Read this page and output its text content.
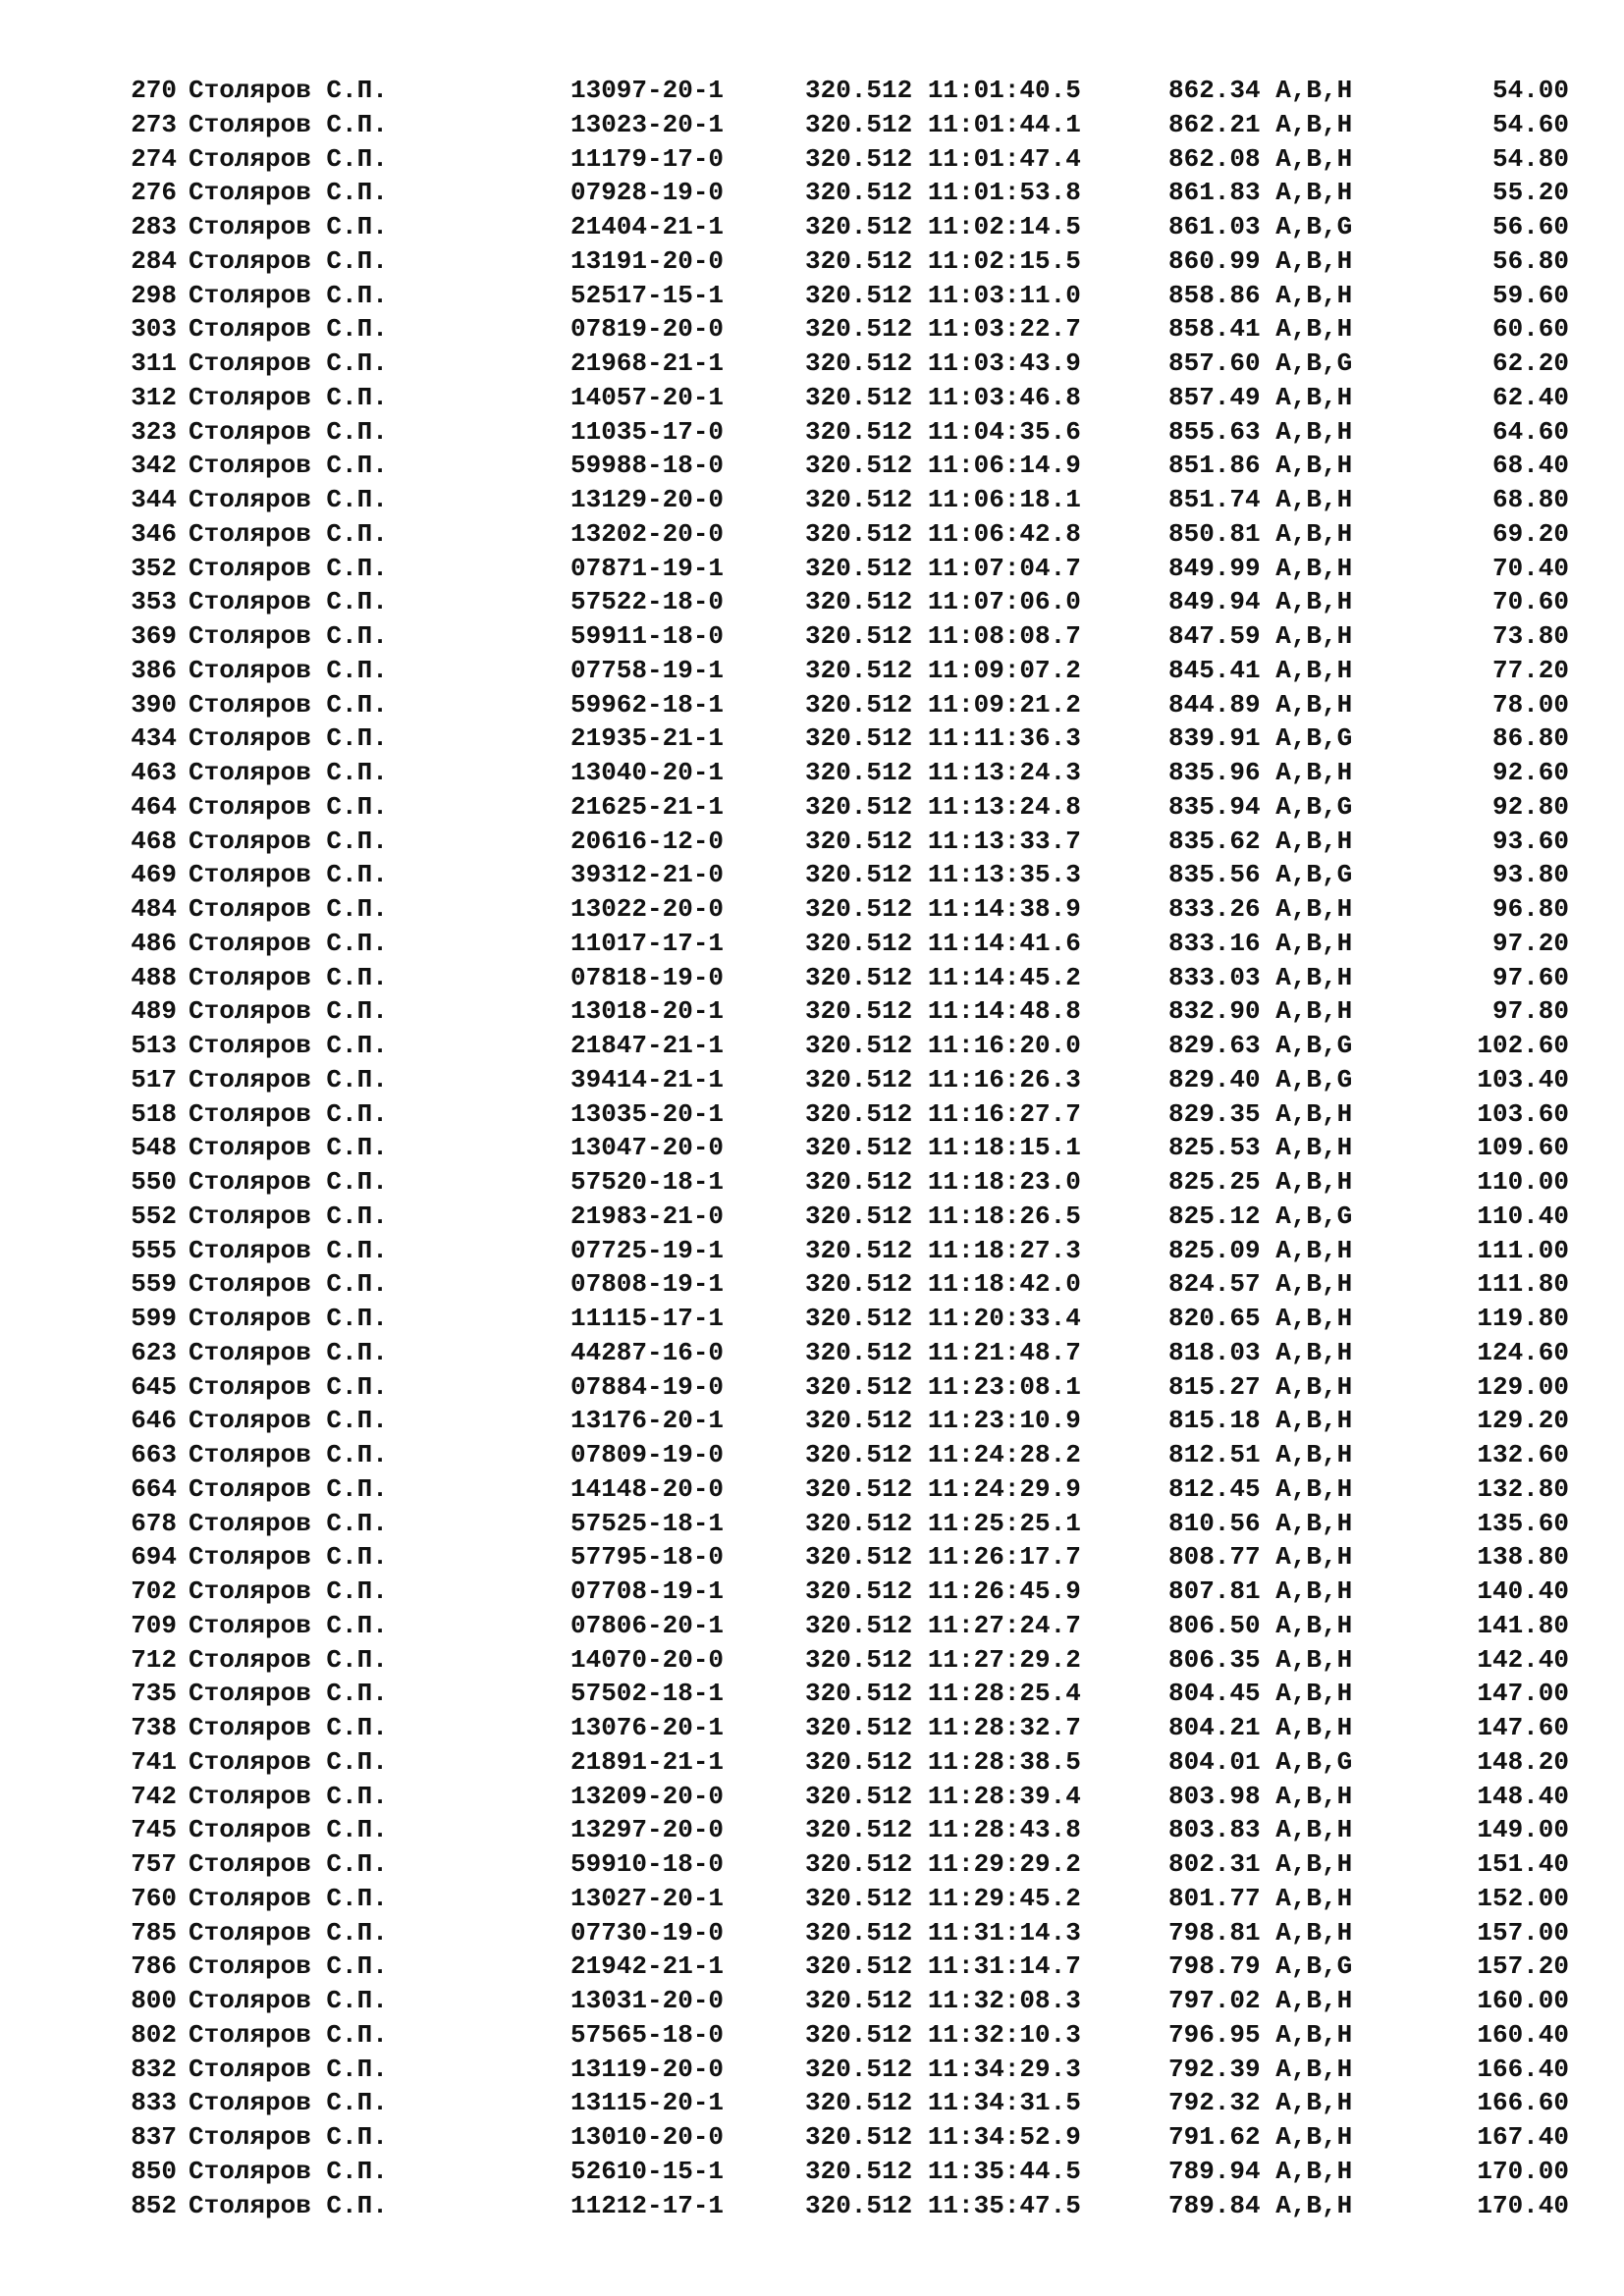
270 Столяров С.П.	13097-20-1	320.512 11:01:40.5	862.34 A,B,H	54.00
273 Столяров С.П.	13023-20-1	320.512 11:01:44.1	862.21 A,B,H	54.60
274 Столяров С.П.	11179-17-0	320.512 11:01:47.4	862.08 A,B,H	54.80
276 Столяров С.П.	07928-19-0	320.512 11:01:53.8	861.83 A,B,H	55.20
283 Столяров С.П.	21404-21-1	320.512 11:02:14.5	861.03 A,B,G	56.60
284 Столяров С.П.	13191-20-0	320.512 11:02:15.5	860.99 A,B,H	56.80
298 Столяров С.П.	52517-15-1	320.512 11:03:11.0	858.86 A,B,H	59.60
303 Столяров С.П.	07819-20-0	320.512 11:03:22.7	858.41 A,B,H	60.60
311 Столяров С.П.	21968-21-1	320.512 11:03:43.9	857.60 A,B,G	62.20
312 Столяров С.П.	14057-20-1	320.512 11:03:46.8	857.49 A,B,H	62.40
323 Столяров С.П.	11035-17-0	320.512 11:04:35.6	855.63 A,B,H	64.60
342 Столяров С.П.	59988-18-0	320.512 11:06:14.9	851.86 A,B,H	68.40
344 Столяров С.П.	13129-20-0	320.512 11:06:18.1	851.74 A,B,H	68.80
346 Столяров С.П.	13202-20-0	320.512 11:06:42.8	850.81 A,B,H	69.20
352 Столяров С.П.	07871-19-1	320.512 11:07:04.7	849.99 A,B,H	70.40
353 Столяров С.П.	57522-18-0	320.512 11:07:06.0	849.94 A,B,H	70.60
369 Столяров С.П.	59911-18-0	320.512 11:08:08.7	847.59 A,B,H	73.80
386 Столяров С.П.	07758-19-1	320.512 11:09:07.2	845.41 A,B,H	77.20
390 Столяров С.П.	59962-18-1	320.512 11:09:21.2	844.89 A,B,H	78.00
434 Столяров С.П.	21935-21-1	320.512 11:11:36.3	839.91 A,B,G	86.80
463 Столяров С.П.	13040-20-1	320.512 11:13:24.3	835.96 A,B,H	92.60
464 Столяров С.П.	21625-21-1	320.512 11:13:24.8	835.94 A,B,G	92.80
468 Столяров С.П.	20616-12-0	320.512 11:13:33.7	835.62 A,B,H	93.60
469 Столяров С.П.	39312-21-0	320.512 11:13:35.3	835.56 A,B,G	93.80
484 Столяров С.П.	13022-20-0	320.512 11:14:38.9	833.26 A,B,H	96.80
486 Столяров С.П.	11017-17-1	320.512 11:14:41.6	833.16 A,B,H	97.20
488 Столяров С.П.	07818-19-0	320.512 11:14:45.2	833.03 A,B,H	97.60
489 Столяров С.П.	13018-20-1	320.512 11:14:48.8	832.90 A,B,H	97.80
513 Столяров С.П.	21847-21-1	320.512 11:16:20.0	829.63 A,B,G	102.60
517 Столяров С.П.	39414-21-1	320.512 11:16:26.3	829.40 A,B,G	103.40
518 Столяров С.П.	13035-20-1	320.512 11:16:27.7	829.35 A,B,H	103.60
548 Столяров С.П.	13047-20-0	320.512 11:18:15.1	825.53 A,B,H	109.60
550 Столяров С.П.	57520-18-1	320.512 11:18:23.0	825.25 A,B,H	110.00
552 Столяров С.П.	21983-21-0	320.512 11:18:26.5	825.12 A,B,G	110.40
555 Столяров С.П.	07725-19-1	320.512 11:18:27.3	825.09 A,B,H	111.00
559 Столяров С.П.	07808-19-1	320.512 11:18:42.0	824.57 A,B,H	111.80
599 Столяров С.П.	11115-17-1	320.512 11:20:33.4	820.65 A,B,H	119.80
623 Столяров С.П.	44287-16-0	320.512 11:21:48.7	818.03 A,B,H	124.60
645 Столяров С.П.	07884-19-0	320.512 11:23:08.1	815.27 A,B,H	129.00
646 Столяров С.П.	13176-20-1	320.512 11:23:10.9	815.18 A,B,H	129.20
663 Столяров С.П.	07809-19-0	320.512 11:24:28.2	812.51 A,B,H	132.60
664 Столяров С.П.	14148-20-0	320.512 11:24:29.9	812.45 A,B,H	132.80
678 Столяров С.П.	57525-18-1	320.512 11:25:25.1	810.56 A,B,H	135.60
694 Столяров С.П.	57795-18-0	320.512 11:26:17.7	808.77 A,B,H	138.80
702 Столяров С.П.	07708-19-1	320.512 11:26:45.9	807.81 A,B,H	140.40
709 Столяров С.П.	07806-20-1	320.512 11:27:24.7	806.50 A,B,H	141.80
712 Столяров С.П.	14070-20-0	320.512 11:27:29.2	806.35 A,B,H	142.40
735 Столяров С.П.	57502-18-1	320.512 11:28:25.4	804.45 A,B,H	147.00
738 Столяров С.П.	13076-20-1	320.512 11:28:32.7	804.21 A,B,H	147.60
741 Столяров С.П.	21891-21-1	320.512 11:28:38.5	804.01 A,B,G	148.20
742 Столяров С.П.	13209-20-0	320.512 11:28:39.4	803.98 A,B,H	148.40
745 Столяров С.П.	13297-20-0	320.512 11:28:43.8	803.83 A,B,H	149.00
757 Столяров С.П.	59910-18-0	320.512 11:29:29.2	802.31 A,B,H	151.40
760 Столяров С.П.	13027-20-1	320.512 11:29:45.2	801.77 A,B,H	152.00
785 Столяров С.П.	07730-19-0	320.512 11:31:14.3	798.81 A,B,H	157.00
786 Столяров С.П.	21942-21-1	320.512 11:31:14.7	798.79 A,B,G	157.20
800 Столяров С.П.	13031-20-0	320.512 11:32:08.3	797.02 A,B,H	160.00
802 Столяров С.П.	57565-18-0	320.512 11:32:10.3	796.95 A,B,H	160.40
832 Столяров С.П.	13119-20-0	320.512 11:34:29.3	792.39 A,B,H	166.40
833 Столяров С.П.	13115-20-1	320.512 11:34:31.5	792.32 A,B,H	166.60
837 Столяров С.П.	13010-20-0	320.512 11:34:52.9	791.62 A,B,H	167.40
850 Столяров С.П.	52610-15-1	320.512 11:35:44.5	789.94 A,B,H	170.00
852 Столяров С.П.	11212-17-1	320.512 11:35:47.5	789.84 A,B,H	170.40
